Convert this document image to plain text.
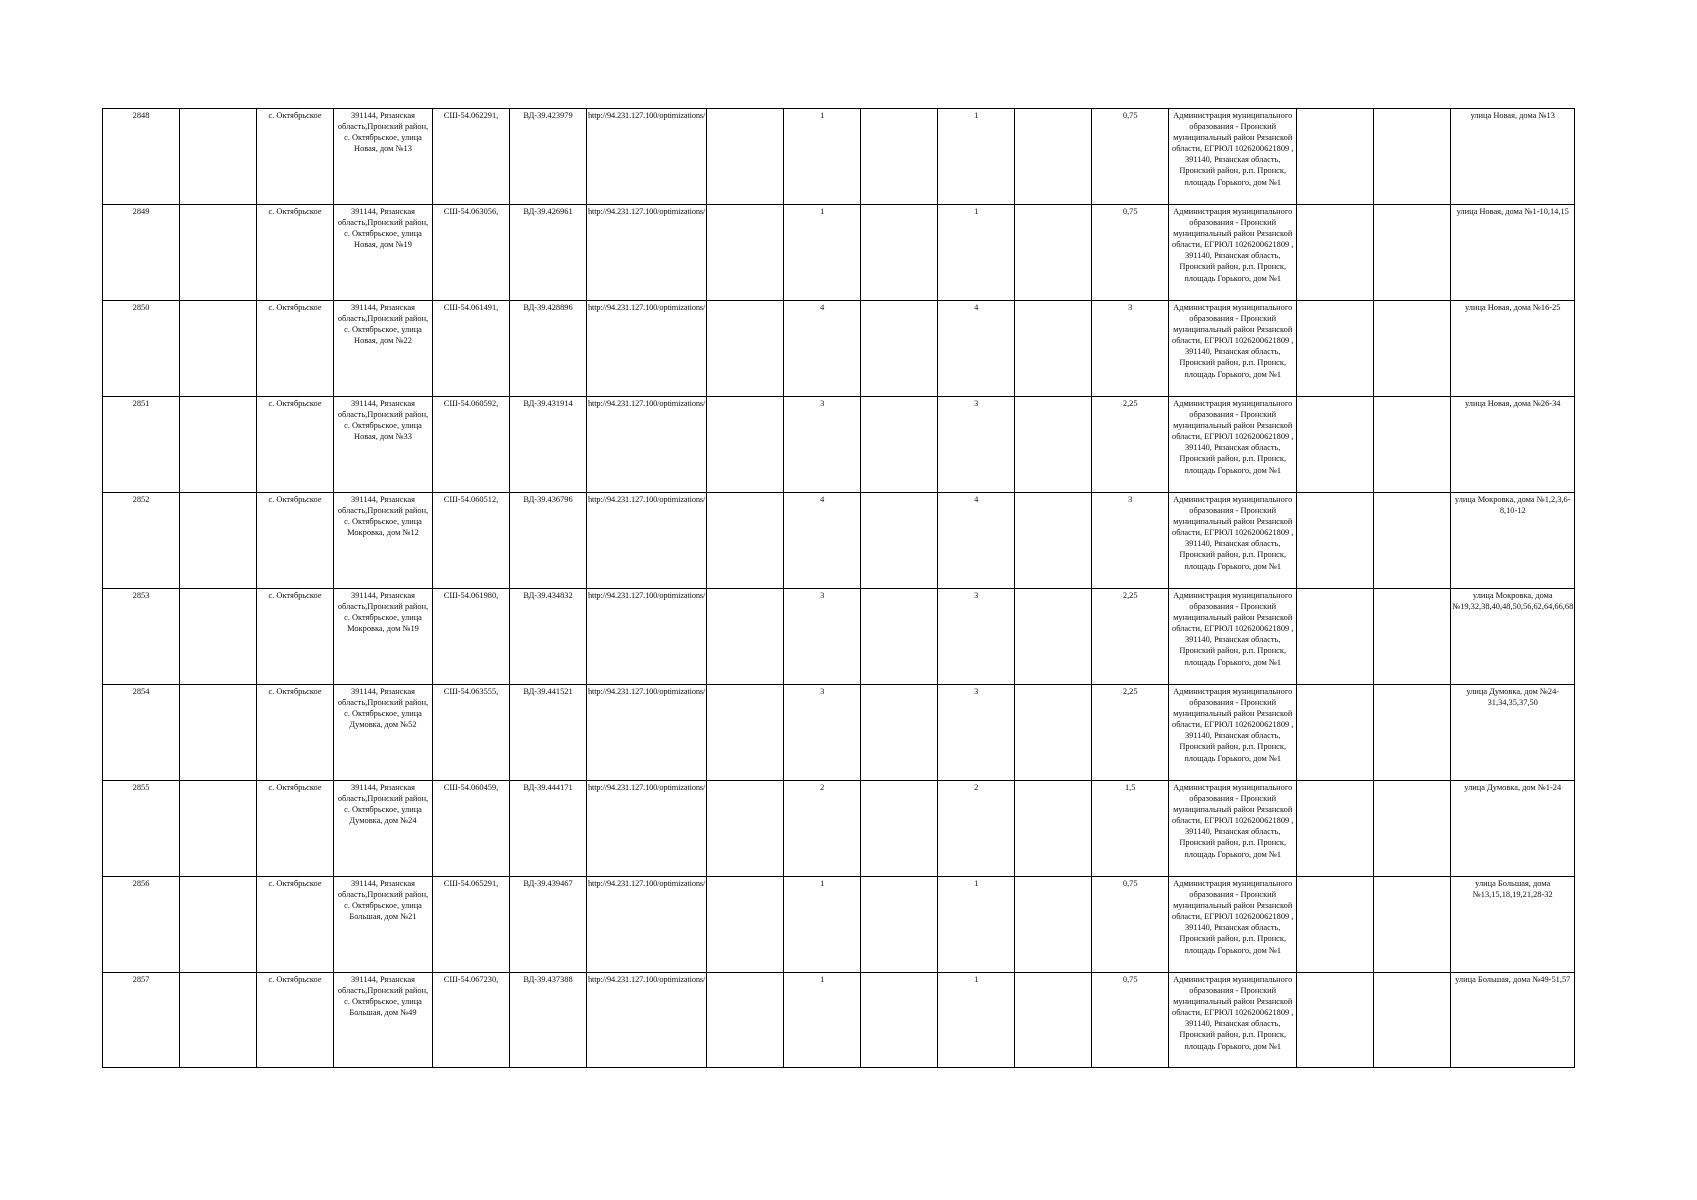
2848		с. Октябрьское	391144, Рязанская область,Пронский район, с. Октябрьское, улица Новая, дом №13	СШ-54.062291,	ВД-39.423979	http://94.231.127.100/optimizations/		1		1		0,75	Администрация муниципального образования - Пронский муниципальный район Рязанской области, ЕГРЮЛ 1026200621809 , 391140, Рязанская область, Пронский район, р.п. Пронск, площадь Горького, дом №1			улица Новая, дома №13
2849		с. Октябрьское	391144, Рязанская область,Пронский район, с. Октябрьское, улица Новая, дом №19	СШ-54.063056,	ВД-39.426961	http://94.231.127.100/optimizations/		1		1		0,75	Администрация муниципального образования - Пронский муниципальный район Рязанской области, ЕГРЮЛ 1026200621809 , 391140, Рязанская область, Пронский район, р.п. Пронск, площадь Горького, дом №1			улица Новая, дома №1-10,14,15
2850		с. Октябрьское	391144, Рязанская область,Пронский район, с. Октябрьское, улица Новая, дом №22	СШ-54.061491,	ВД-39.428896	http://94.231.127.100/optimizations/		4		4		3	Администрация муниципального образования - Пронский муниципальный район Рязанской области, ЕГРЮЛ 1026200621809 , 391140, Рязанская область, Пронский район, р.п. Пронск, площадь Горького, дом №1			улица Новая, дома №16-25
2851		с. Октябрьское	391144, Рязанская область,Пронский район, с. Октябрьское, улица Новая, дом №33	СШ-54.060592,	ВД-39.431914	http://94.231.127.100/optimizations/		3		3		2,25	Администрация муниципального образования - Пронский муниципальный район Рязанской области, ЕГРЮЛ 1026200621809 , 391140, Рязанская область, Пронский район, р.п. Пронск, площадь Горького, дом №1			улица Новая, дома №26-34
2852		с. Октябрьское	391144, Рязанская область,Пронский район, с. Октябрьское, улица Мокровка, дом №12	СШ-54.060512,	ВД-39.436796	http://94.231.127.100/optimizations/		4		4		3	Администрация муниципального образования - Пронский муниципальный район Рязанской области, ЕГРЮЛ 1026200621809 , 391140, Рязанская область, Пронский район, р.п. Пронск, площадь Горького, дом №1			улица Мокровка, дома №1,2,3,6-8,10-12
2853		с. Октябрьское	391144, Рязанская область,Пронский район, с. Октябрьское, улица Мокровка, дом №19	СШ-54.061980,	ВД-39.434832	http://94.231.127.100/optimizations/		3		3		2,25	Администрация муниципального образования - Пронский муниципальный район Рязанской области, ЕГРЮЛ 1026200621809 , 391140, Рязанская область, Пронский район, р.п. Пронск, площадь Горького, дом №1			улица Мокровка, дома №19,32,38,40,48,50,56,62,64,66,68
2854		с. Октябрьское	391144, Рязанская область,Пронский район, с. Октябрьское, улица Думовка, дом №52	СШ-54.063555,	ВД-39.441521	http://94.231.127.100/optimizations/		3		3		2,25	Администрация муниципального образования - Пронский муниципальный район Рязанской области, ЕГРЮЛ 1026200621809 , 391140, Рязанская область, Пронский район, р.п. Пронск, площадь Горького, дом №1			улица Думовка, дом №24-31,34,35,37,50
2855		с. Октябрьское	391144, Рязанская область,Пронский район, с. Октябрьское, улица Думовка, дом №24	СШ-54.060459,	ВД-39.444171	http://94.231.127.100/optimizations/		2		2		1,5	Администрация муниципального образования - Пронский муниципальный район Рязанской области, ЕГРЮЛ 1026200621809 , 391140, Рязанская область, Пронский район, р.п. Пронск, площадь Горького, дом №1			улица Думовка, дом №1-24
2856		с. Октябрьское	391144, Рязанская область,Пронский район, с. Октябрьское, улица Большая, дом №21	СШ-54.065291,	ВД-39.439467	http://94.231.127.100/optimizations/		1		1		0,75	Администрация муниципального образования - Пронский муниципальный район Рязанской области, ЕГРЮЛ 1026200621809 , 391140, Рязанская область, Пронский район, р.п. Пронск, площадь Горького, дом №1			улица Большая, дома №13,15,18,19,21,28-32
2857		с. Октябрьское	391144, Рязанская область,Пронский район, с. Октябрьское, улица Большая, дом №49	СШ-54.067230,	ВД-39.437388	http://94.231.127.100/optimizations/		1		1		0,75	Администрация муниципального образования - Пронский муниципальный район Рязанской области, ЕГРЮЛ 1026200621809 , 391140, Рязанская область, Пронский район, р.п. Пронск, площадь Горького, дом №1			улица Большая, дома №49-51,57
